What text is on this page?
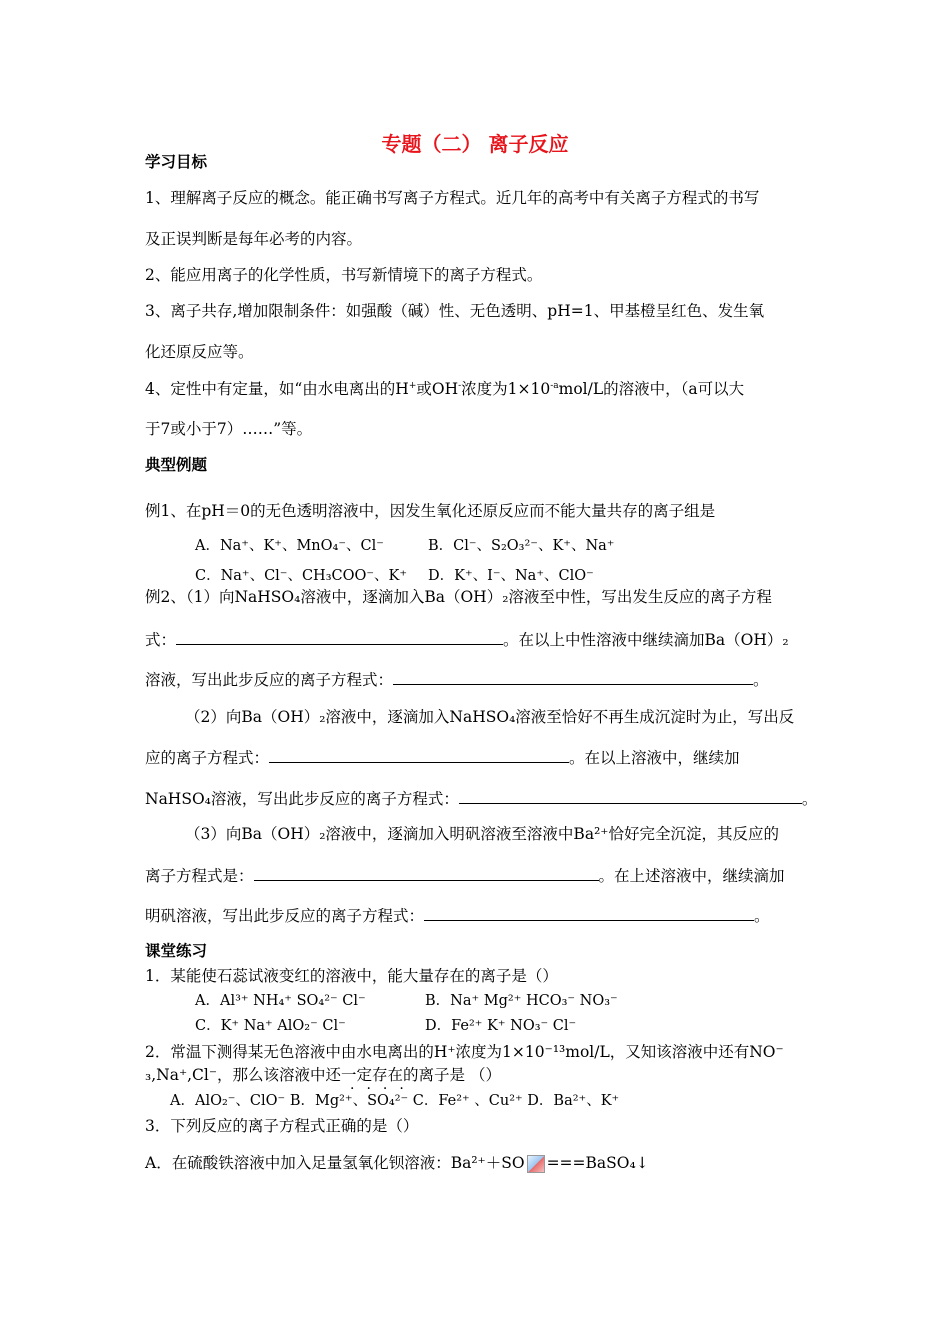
专题（二） 离子反应
学习目标
1、理解离子反应的概念。能正确书写离子方程式。近几年的高考中有关离子方程式的书写
及正误判断是每年必考的内容。
2、能应用离子的化学性质，书写新情境下的离子方程式。
3、离子共存,增加限制条件：如强酸（碱）性、无色透明、pH=1、甲基橙呈红色、发生氧
化还原反应等。
4、定性中有定量，如“由水电离出的H+或OH-浓度为$1\times 10^{-a}mol/L$的溶液中，（a可以大
于7或小于7）……”等。
典型例题
例1、在pH＝0的无色透明溶液中，因发生氧化还原反应而不能大量共存的离子组是
A．Na⁺、K⁺、MnO₄⁻、Cl⁻	B．Cl⁻、S₂O₃²⁻、K⁺、Na⁺
C．Na⁺、Cl⁻、CH₃COO⁻、K⁺ D．K⁺、I⁻、Na⁺、ClO⁻
例2、（1）向NaHSO₄溶液中，逐滴加入Ba（OH）₂溶液至中性，写出发生反应的离子方程
式：	。在以上中性溶液中继续滴加Ba（OH）₂
溶液，写出此步反应的离子方程式：	。
（2）向Ba（OH）₂溶液中，逐滴加入NaHSO₄溶液至恰好不再生成沉淀时为止，写出反
应的离子方程式：	。在以上溶液中，继续加
NaHSO₄溶液，写出此步反应的离子方程式：	。
（3）向Ba（OH）₂溶液中，逐滴加入明矾溶液至溶液中Ba²⁺恰好完全沉淀，其反应的
离子方程式是：	。在上述溶液中，继续滴加
明矾溶液，写出此步反应的离子方程式：	。
课堂练习
1．某能使石蕊试液变红的溶液中，能大量存在的离子是（）
A．Al³⁺ NH₄⁺ SO₄²⁻ Cl⁻	B．Na⁺ Mg²⁺ HCO₃⁻ NO₃⁻
C．K⁺ Na⁺ AlO₂⁻ Cl⁻	D．Fe²⁺ K⁺ NO₃⁻ Cl⁻
2．常温下测得某无色溶液中由水电离出的H⁺浓度为1×10⁻¹³mol/L，又知该溶液中还有NO⁻
₃,Na⁺,Cl⁻，那么该溶液中还一定存在的离子是 （）
····
A．AlO₂⁻、ClO⁻ B．Mg²⁺、SO₄²⁻ C．Fe²⁺ 、Cu²⁺ D．Ba²⁺、K⁺
3．下列反应的离子方程式正确的是（）
A．在硫酸铁溶液中加入足量氢氧化钡溶液：Ba²⁺＋SO ===BaSO₄↓
